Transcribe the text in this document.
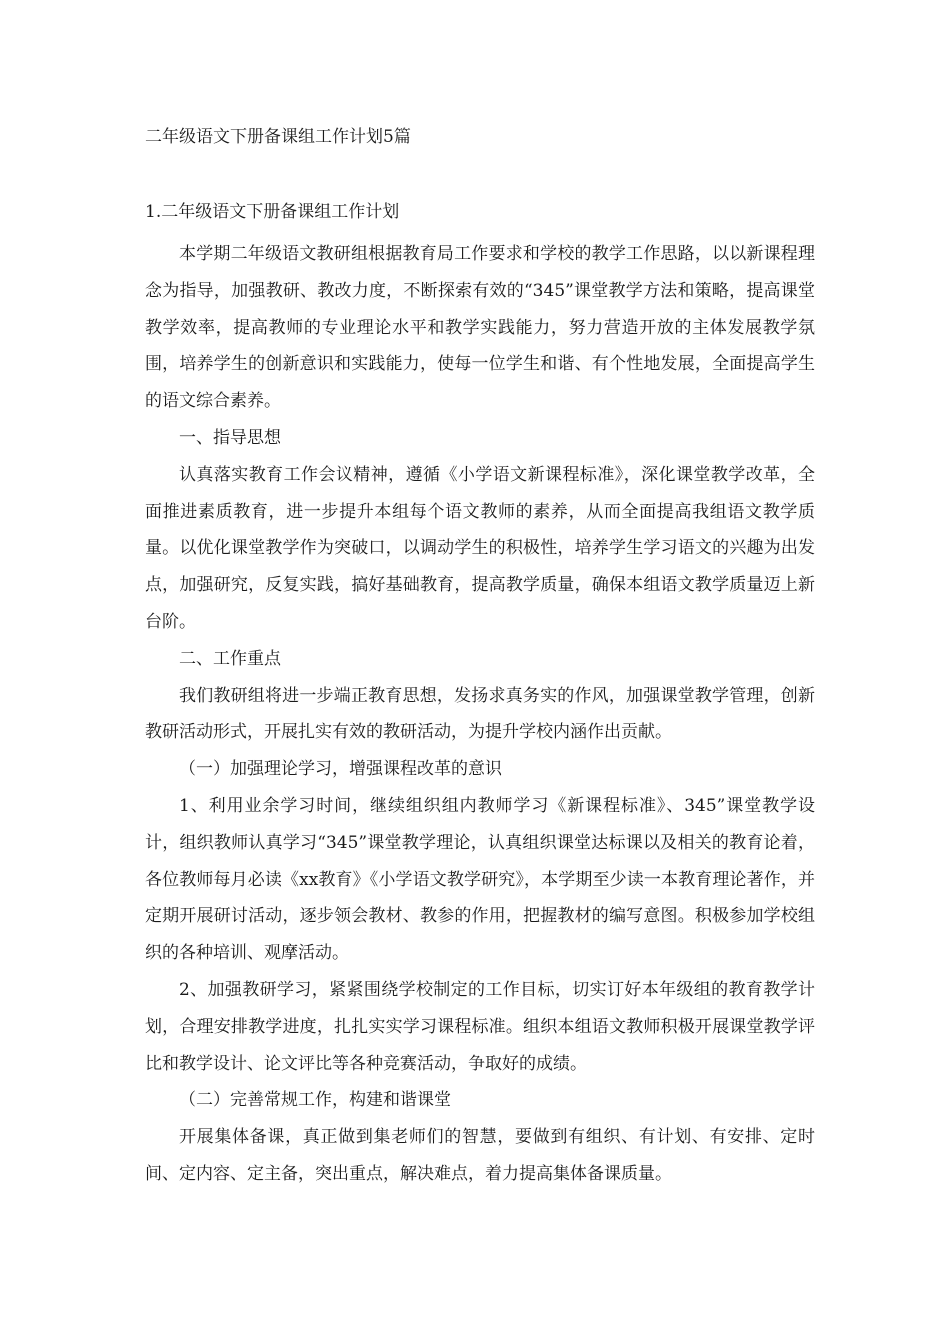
二年级语文下册备课组工作计划5篇
1.二年级语文下册备课组工作计划

本学期二年级语文教研组根据教育局工作要求和学校的教学工作思路，以以新课程理念为指导，加强教研、教改力度，不断探索有效的“345”课堂教学方法和策略，提高课堂教学效率，提高教师的专业理论水平和教学实践能力，努力营造开放的主体发展教学氛围，培养学生的创新意识和实践能力，使每一位学生和谐、有个性地发展，全面提高学生的语文综合素养。

一、指导思想

认真落实教育工作会议精神，遵循《小学语文新课程标准》，深化课堂教学改革，全面推进素质教育，进一步提升本组每个语文教师的素养，从而全面提高我组语文教学质量。以优化课堂教学作为突破口，以调动学生的积极性，培养学生学习语文的兴趣为出发点，加强研究，反复实践，搞好基础教育，提高教学质量，确保本组语文教学质量迈上新台阶。

二、工作重点

我们教研组将进一步端正教育思想，发扬求真务实的作风，加强课堂教学管理，创新教研活动形式，开展扎实有效的教研活动，为提升学校内涵作出贡献。

（一）加强理论学习，增强课程改革的意识

1、利用业余学习时间，继续组织组内教师学习《新课程标准》、345”课堂教学设计，组织教师认真学习“345”课堂教学理论，认真组织课堂达标课以及相关的教育论着，各位教师每月必读《xx教育》《小学语文教学研究》，本学期至少读一本教育理论著作，并定期开展研讨活动，逐步领会教材、教参的作用，把握教材的编写意图。积极参加学校组织的各种培训、观摩活动。

2、加强教研学习，紧紧围绕学校制定的工作目标，切实订好本年级组的教育教学计划，合理安排教学进度，扎扎实实学习课程标准。组织本组语文教师积极开展课堂教学评比和教学设计、论文评比等各种竞赛活动，争取好的成绩。

（二）完善常规工作，构建和谐课堂

开展集体备课，真正做到集老师们的智慧，要做到有组织、有计划、有安排、定时间、定内容、定主备，突出重点，解决难点，着力提高集体备课质量。
